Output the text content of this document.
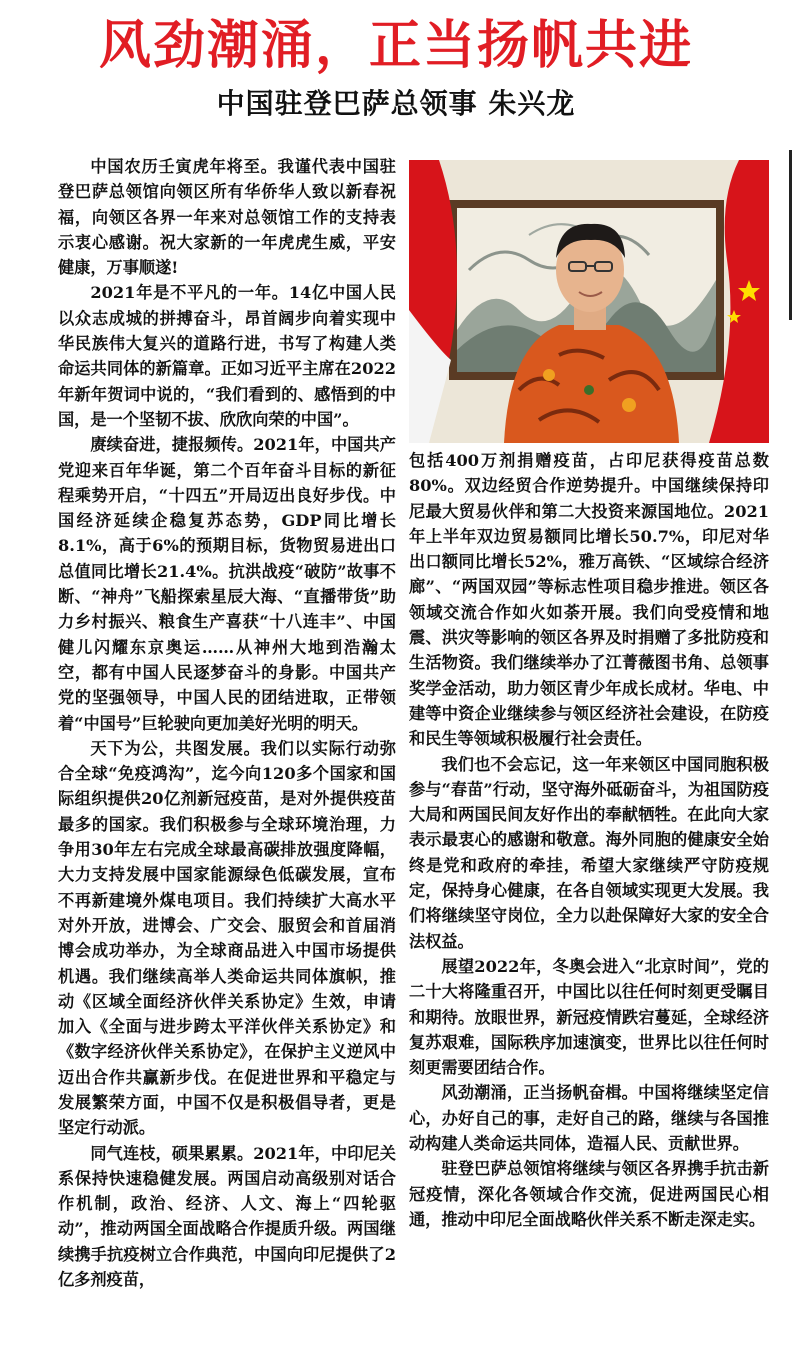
风劲潮涌，正当扬帆共进
中国驻登巴萨总领事 朱兴龙

中国农历壬寅虎年将至。我谨代表中国驻登巴萨总领馆向领区所有华侨华人致以新春祝福，向领区各界一年来对总领馆工作的支持表示衷心感谢。祝大家新的一年虎虎生威，平安健康，万事顺遂!

2021年是不平凡的一年。14亿中国人民以众志成城的拼搏奋斗，昂首阔步向着实现中华民族伟大复兴的道路行进，书写了构建人类命运共同体的新篇章。正如习近平主席在2022年新年贺词中说的，“我们看到的、感悟到的中国，是一个坚韧不拔、欣欣向荣的中国”。

赓续奋进，捷报频传。2021年，中国共产党迎来百年华诞，第二个百年奋斗目标的新征程乘势开启，“十四五”开局迈出良好步伐。中国经济延续企稳复苏态势，GDP同比增长8.1%，高于6%的预期目标，货物贸易进出口总值同比增长21.4%。抗洪战疫“破防”故事不断、“神舟”飞船探索星辰大海、“直播带货”助力乡村振兴、粮食生产喜获“十八连丰”、中国健儿闪耀东京奥运……从神州大地到浩瀚太空，都有中国人民逐梦奋斗的身影。中国共产党的坚强领导，中国人民的团结进取，正带领着“中国号”巨轮驶向更加美好光明的明天。

天下为公，共图发展。我们以实际行动弥合全球“免疫鸿沟”，迄今向120多个国家和国际组织提供20亿剂新冠疫苗，是对外提供疫苗最多的国家。我们积极参与全球环境治理，力争用30年左右完成全球最高碳排放强度降幅，大力支持发展中国家能源绿色低碳发展，宣布不再新建境外煤电项目。我们持续扩大高水平对外开放，进博会、广交会、服贸会和首届消博会成功举办，为全球商品进入中国市场提供机遇。我们继续高举人类命运共同体旗帜，推动《区域全面经济伙伴关系协定》生效，申请加入《全面与进步跨太平洋伙伴关系协定》和《数字经济伙伴关系协定》，在保护主义逆风中迈出合作共赢新步伐。在促进世界和平稳定与发展繁荣方面，中国不仅是积极倡导者，更是坚定行动派。

同气连枝，硕果累累。2021年，中印尼关系保持快速稳健发展。两国启动高级别对话合作机制，政治、经济、人文、海上“四轮驱动”，推动两国全面战略合作提质升级。两国继续携手抗疫树立合作典范，中国向印尼提供了2亿多剂疫苗，

包括400万剂捐赠疫苗，占印尼获得疫苗总数80%。双边经贸合作逆势提升。中国继续保持印尼最大贸易伙伴和第二大投资来源国地位。2021年上半年双边贸易额同比增长50.7%，印尼对华出口额同比增长52%，雅万高铁、“区域综合经济廊”、“两国双园”等标志性项目稳步推进。领区各领域交流合作如火如荼开展。我们向受疫情和地震、洪灾等影响的领区各界及时捐赠了多批防疫和生活物资。我们继续举办了江菁薇图书角、总领事奖学金活动，助力领区青少年成长成材。华电、中建等中资企业继续参与领区经济社会建设，在防疫和民生等领域积极履行社会责任。

我们也不会忘记，这一年来领区中国同胞积极参与“春苗”行动，坚守海外砥砺奋斗，为祖国防疫大局和两国民间友好作出的奉献牺牲。在此向大家表示最衷心的感谢和敬意。海外同胞的健康安全始终是党和政府的牵挂，希望大家继续严守防疫规定，保持身心健康，在各自领域实现更大发展。我们将继续坚守岗位，全力以赴保障好大家的安全合法权益。

展望2022年，冬奥会进入“北京时间”，党的二十大将隆重召开，中国比以往任何时刻更受瞩目和期待。放眼世界，新冠疫情跌宕蔓延，全球经济复苏艰难，国际秩序加速演变，世界比以往任何时刻更需要团结合作。

风劲潮涌，正当扬帆奋楫。中国将继续坚定信心，办好自己的事，走好自己的路，继续与各国推动构建人类命运共同体，造福人民、贡献世界。

驻登巴萨总领馆将继续与领区各界携手抗击新冠疫情，深化各领域合作交流，促进两国民心相通，推动中印尼全面战略伙伴关系不断走深走实。
